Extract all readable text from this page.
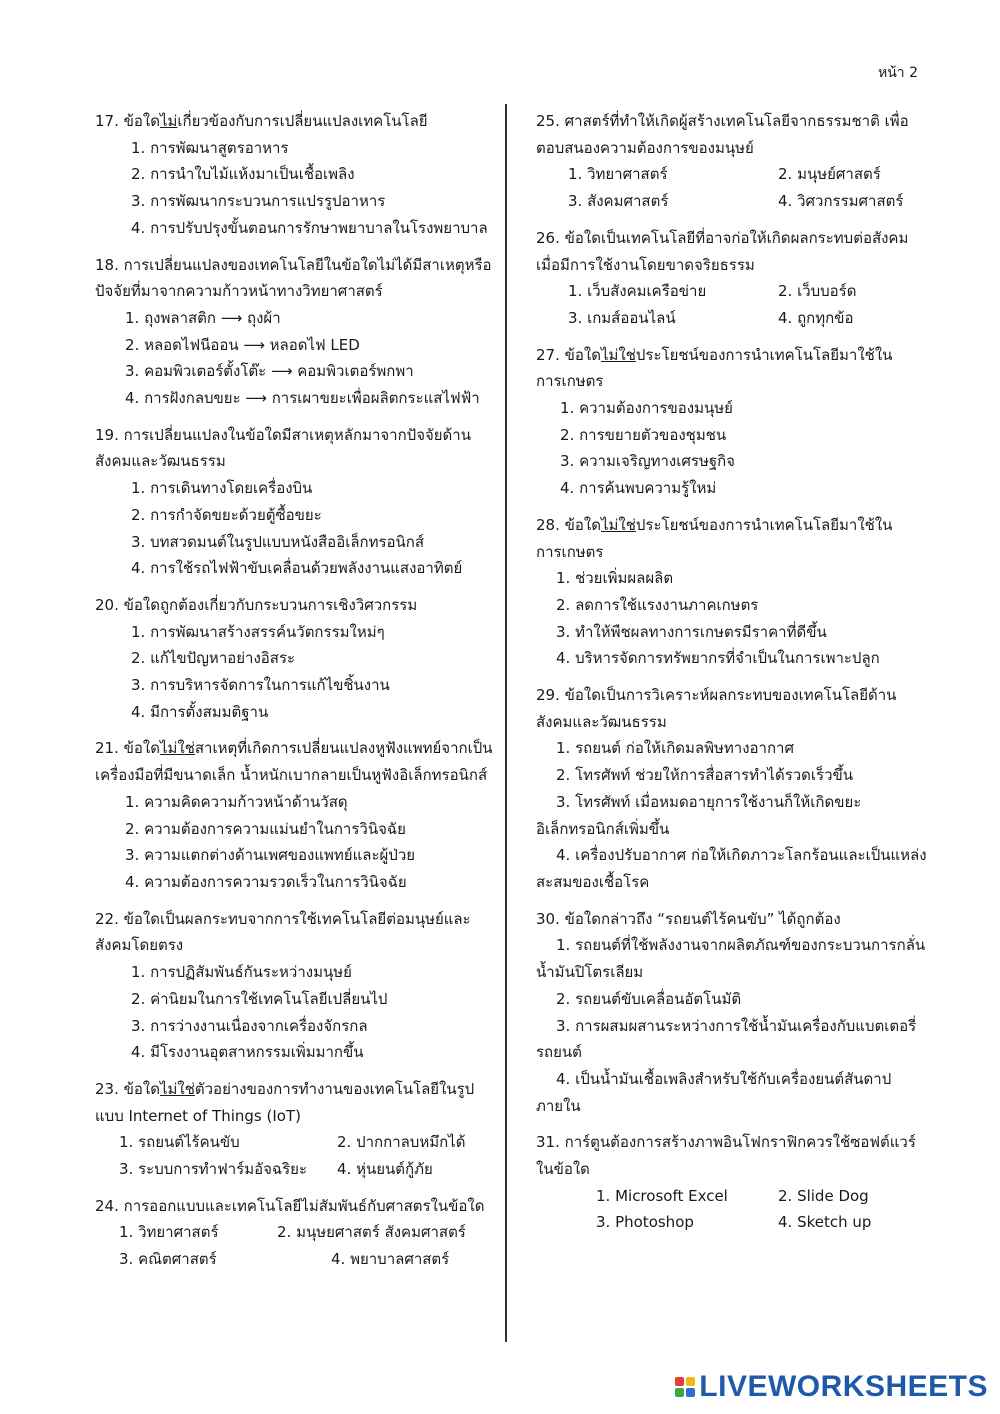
หน้า 2
17. ข้อใดไม่เกี่ยวข้องกับการเปลี่ยนแปลงเทคโนโลยี
1. การพัฒนาสูตรอาหาร
2. การนำใบไม้แห้งมาเป็นเชื้อเพลิง
3. การพัฒนากระบวนการแปรรูปอาหาร
4. การปรับปรุงขั้นตอนการรักษาพยาบาลในโรงพยาบาล
18. การเปลี่ยนแปลงของเทคโนโลยีในข้อใดไม่ได้มีสาเหตุหรือปัจจัยที่มาจากความก้าวหน้าทางวิทยาศาสตร์
1. ถุงพลาสติก ⟶ ถุงผ้า
2. หลอดไฟนีออน ⟶ หลอดไฟ LED
3. คอมพิวเตอร์ตั้งโต๊ะ ⟶ คอมพิวเตอร์พกพา
4. การฝังกลบขยะ ⟶ การเผาขยะเพื่อผลิตกระแสไฟฟ้า
19. การเปลี่ยนแปลงในข้อใดมีสาเหตุหลักมาจากปัจจัยด้านสังคมและวัฒนธรรม
1. การเดินทางโดยเครื่องบิน
2. การกำจัดขยะด้วยตู้ซื้อขยะ
3. บทสวดมนต์ในรูปแบบหนังสืออิเล็กทรอนิกส์
4. การใช้รถไฟฟ้าขับเคลื่อนด้วยพลังงานแสงอาทิตย์
20. ข้อใดถูกต้องเกี่ยวกับกระบวนการเชิงวิศวกรรม
1. การพัฒนาสร้างสรรค์นวัตกรรมใหม่ๆ
2. แก้ไขปัญหาอย่างอิสระ
3. การบริหารจัดการในการแก้ไขชิ้นงาน
4. มีการตั้งสมมติฐาน
21. ข้อใดไม่ใช่สาเหตุที่เกิดการเปลี่ยนแปลงหูฟังแพทย์จากเป็นเครื่องมือที่มีขนาดเล็ก น้ำหนักเบากลายเป็นหูฟังอิเล็กทรอนิกส์
1. ความคิดความก้าวหน้าด้านวัสดุ
2. ความต้องการความแม่นยำในการวินิจฉัย
3. ความแตกต่างด้านเพศของแพทย์และผู้ป่วย
4. ความต้องการความรวดเร็วในการวินิจฉัย
22. ข้อใดเป็นผลกระทบจากการใช้เทคโนโลยีต่อมนุษย์และสังคมโดยตรง
1. การปฏิสัมพันธ์กันระหว่างมนุษย์
2. ค่านิยมในการใช้เทคโนโลยีเปลี่ยนไป
3. การว่างงานเนื่องจากเครื่องจักรกล
4. มีโรงงานอุตสาหกรรมเพิ่มมากขึ้น
23. ข้อใดไม่ใช่ตัวอย่างของการทำงานของเทคโนโลยีในรูปแบบ Internet of Things (IoT)
1. รถยนต์ไร้คนขับ	2. ปากกาลบหมึกได้
3. ระบบการทำฟาร์มอัจฉริยะ	4. หุ่นยนต์กู้ภัย
24. การออกแบบและเทคโนโลยีไม่สัมพันธ์กับศาสตรในข้อใด
1. วิทยาศาสตร์	2. มนุษยศาสตร์ สังคมศาสตร์
3. คณิตศาสตร์	4. พยาบาลศาสตร์
25. ศาสตร์ที่ทำให้เกิดผู้สร้างเทคโนโลยีจากธรรมชาติ เพื่อตอบสนองความต้องการของมนุษย์
1. วิทยาศาสตร์	2. มนุษย์ศาสตร์
3. สังคมศาสตร์	4. วิศวกรรมศาสตร์
26. ข้อใดเป็นเทคโนโลยีที่อาจก่อให้เกิดผลกระทบต่อสังคมเมื่อมีการใช้งานโดยขาดจริยธรรม
1. เว็บสังคมเครือข่าย	2. เว็บบอร์ด
3. เกมส์ออนไลน์	4. ถูกทุกข้อ
27. ข้อใดไม่ใช่ประโยชน์ของการนำเทคโนโลยีมาใช้ในการเกษตร
1. ความต้องการของมนุษย์
2. การขยายตัวของชุมชน
3. ความเจริญทางเศรษฐกิจ
4. การค้นพบความรู้ใหม่
28. ข้อใดไม่ใช่ประโยชน์ของการนำเทคโนโลยีมาใช้ในการเกษตร
1. ช่วยเพิ่มผลผลิต
2. ลดการใช้แรงงานภาคเกษตร
3. ทำให้พืชผลทางการเกษตรมีราคาที่ดีขึ้น
4. บริหารจัดการทรัพยากรที่จำเป็นในการเพาะปลูก
29. ข้อใดเป็นการวิเคราะห์ผลกระทบของเทคโนโลยีด้านสังคมและวัฒนธรรม
1. รถยนต์ ก่อให้เกิดมลพิษทางอากาศ
2. โทรศัพท์ ช่วยให้การสื่อสารทำได้รวดเร็วขึ้น
3. โทรศัพท์ เมื่อหมดอายุการใช้งานก็ให้เกิดขยะ
อิเล็กทรอนิกส์เพิ่มขึ้น
4. เครื่องปรับอากาศ ก่อให้เกิดภาวะโลกร้อนและเป็นแหล่ง
สะสมของเชื้อโรค
30. ข้อใดกล่าวถึง “รถยนต์ไร้คนขับ” ได้ถูกต้อง
1. รถยนต์ที่ใช้พลังงานจากผลิตภัณฑ์ของกระบวนการกลั่น
น้ำมันปิโตรเลียม
2. รถยนต์ขับเคลื่อนอัตโนมัติ
3. การผสมผสานระหว่างการใช้น้ำมันเครื่องกับแบตเตอรี่
รถยนต์
4. เป็นน้ำมันเชื้อเพลิงสำหรับใช้กับเครื่องยนต์สันดาป
ภายใน
31. การ์ตูนต้องการสร้างภาพอินโฟกราฟิกควรใช้ซอฟต์แวร์ในข้อใด
1. Microsoft Excel	2. Slide Dog
3. Photoshop	4. Sketch up
LIVEWORKSHEETS
